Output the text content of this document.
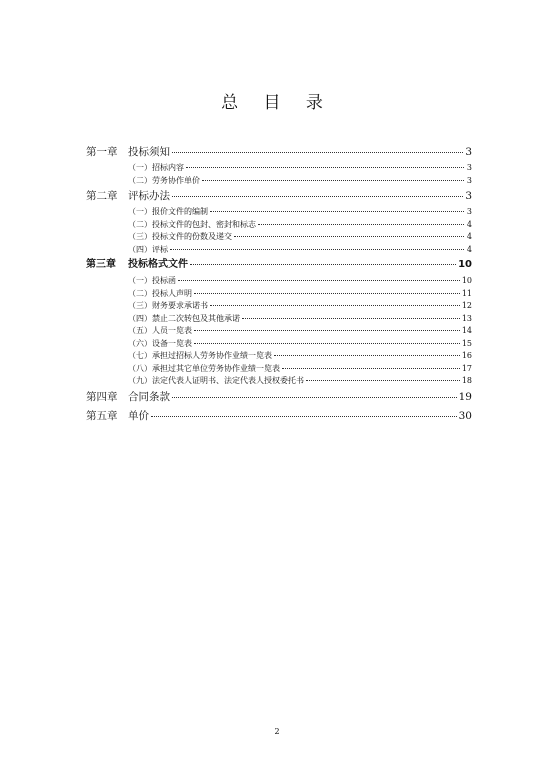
总 目 录
第一章	投标须知	3
（一）招标内容	3
（二）劳务协作单价	3
第二章	评标办法	3
（一）报价文件的编制	3
（二）投标文件的包封、密封和标志	4
（三）投标文件的份数及递交	4
（四）评标	4
第三章	投标格式文件	10
（一）投标函	10
（二）投标人声明	11
（三）财务要求承诺书	12
（四）禁止二次转包及其他承诺	13
（五）人员一览表	14
（六）设备一览表	15
（七）承担过招标人劳务协作业绩一览表	16
（八）承担过其它单位劳务协作业绩一览表	17
（九）法定代表人证明书、法定代表人授权委托书	18
第四章	合同条款	19
第五章	单价	30
2
